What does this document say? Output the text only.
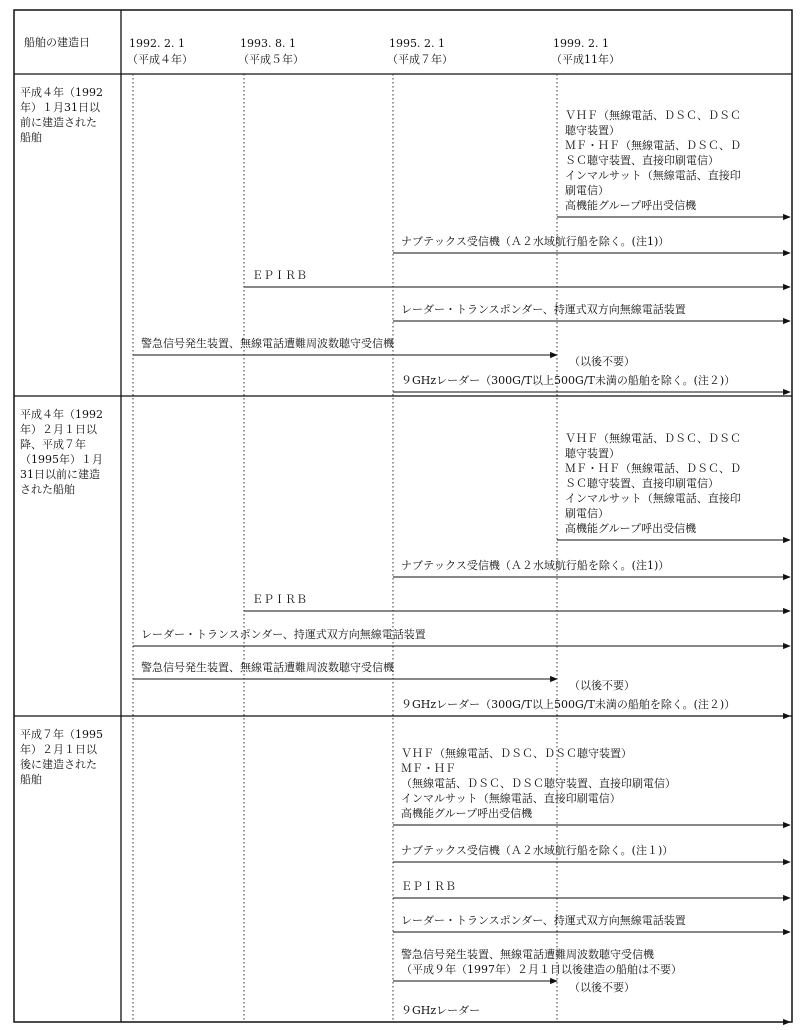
船舶の建造日	1992. 2. 1
（平成４年）
1993. 8. 1
（平成５年）
1995. 2. 1
（平成７年）
1999. 2. 1
（平成11年）
平成４年（1992
年）１月31日以
前に建造された
船舶
ＶＨＦ（無線電話、ＤＳＣ、ＤＳＣ
聴守装置）
ＭＦ・ＨＦ（無線電話、ＤＳＣ、Ｄ
ＳＣ聴守装置、直接印刷電信）
インマルサット（無線電話、直接印
刷電信）
高機能グループ呼出受信機
ナブテックス受信機（Ａ２水域航行船を除く。(注1)）
ＥＰＩＲＢ
レーダー・トランスポンダー、持運式双方向無線電話装置
警急信号発生装置、無線電話遭難周波数聴守受信機
（以後不要）
９GHzレーダー（300G/T以上500G/T未満の船舶を除く。(注２)）
平成４年（1992
年）２月１日以
降、平成７年
（1995年）１月
31日以前に建造
された船舶
ＶＨＦ（無線電話、ＤＳＣ、ＤＳＣ
聴守装置）
ＭＦ・ＨＦ（無線電話、ＤＳＣ、Ｄ
ＳＣ聴守装置、直接印刷電信）
インマルサット（無線電話、直接印
刷電信）
高機能グループ呼出受信機
ナブテックス受信機（Ａ２水域航行船を除く。(注1)）
ＥＰＩＲＢ
レーダー・トランスポンダー、持運式双方向無線電話装置
警急信号発生装置、無線電話遭難周波数聴守受信機
（以後不要）
９GHzレーダー（300G/T以上500G/T未満の船舶を除く。(注２)）
平成７年（1995
年）２月１日以
後に建造された
船舶
ＶＨＦ（無線電話、ＤＳＣ、ＤＳＣ聴守装置）
ＭＦ・ＨＦ
（無線電話、ＤＳＣ、ＤＳＣ聴守装置、直接印刷電信）
インマルサット（無線電話、直接印刷電信）
高機能グループ呼出受信機
ナブテックス受信機（Ａ２水域航行船を除く。(注１)）
ＥＰＩＲＢ
レーダー・トランスポンダー、持運式双方向無線電話装置
警急信号発生装置、無線電話遭難周波数聴守受信機
（平成９年（1997年）２月１日以後建造の船舶は不要）
（以後不要）
９GHzレーダー
